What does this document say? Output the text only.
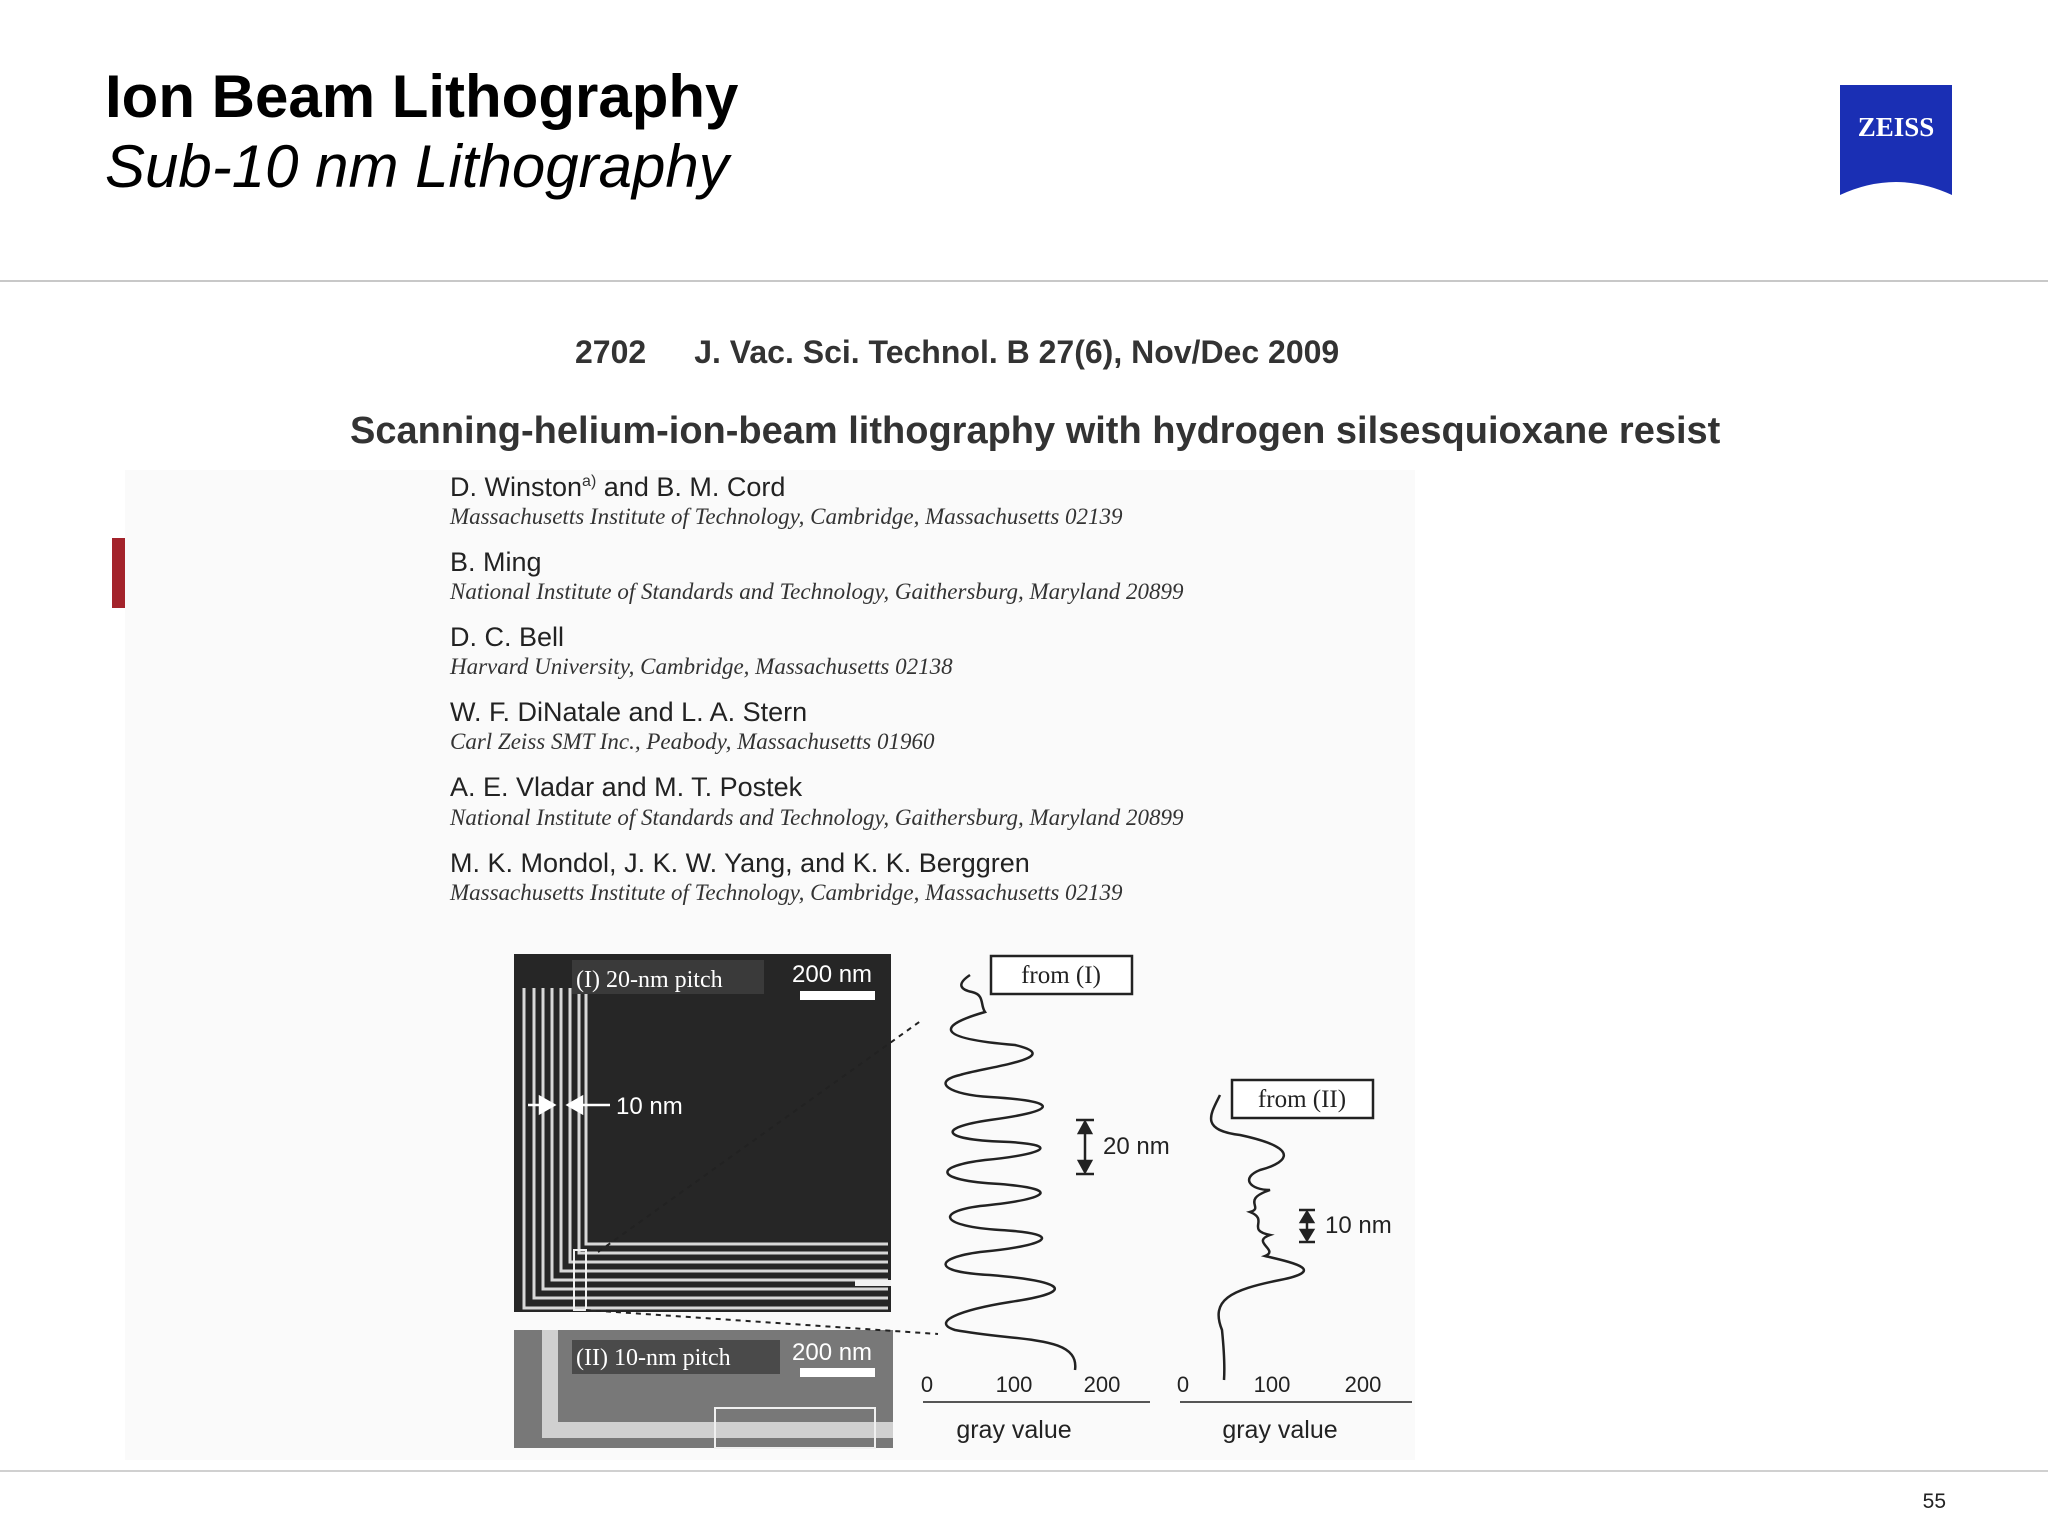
Ion Beam Lithography
Sub-10 nm Lithography
ZEISS
2702 J. Vac. Sci. Technol. B 27(6), Nov/Dec 2009
Scanning-helium-ion-beam lithography with hydrogen silsesquioxane resist
D. Winston$^{a)}$ and B. M. Cord
Massachusetts Institute of Technology, Cambridge, Massachusetts 02139
B. Ming
National Institute of Standards and Technology, Gaithersburg, Maryland 20899
D. C. Bell
Harvard University, Cambridge, Massachusetts 02138
W. F. DiNatale and L. A. Stern
Carl Zeiss SMT Inc., Peabody, Massachusetts 01960
A. E. Vladar and M. T. Postek
National Institute of Standards and Technology, Gaithersburg, Maryland 20899
M. K. Mondol, J. K. W. Yang, and K. K. Berggren
Massachusetts Institute of Technology, Cambridge, Massachusetts 02139
(I) 20-nm pitch	200 nm
10 nm
(II) 10-nm pitch	200 nm
from (I)
20 nm
from (II)
10 nm
0	100 200	0	100 200
gray value	gray value
55
